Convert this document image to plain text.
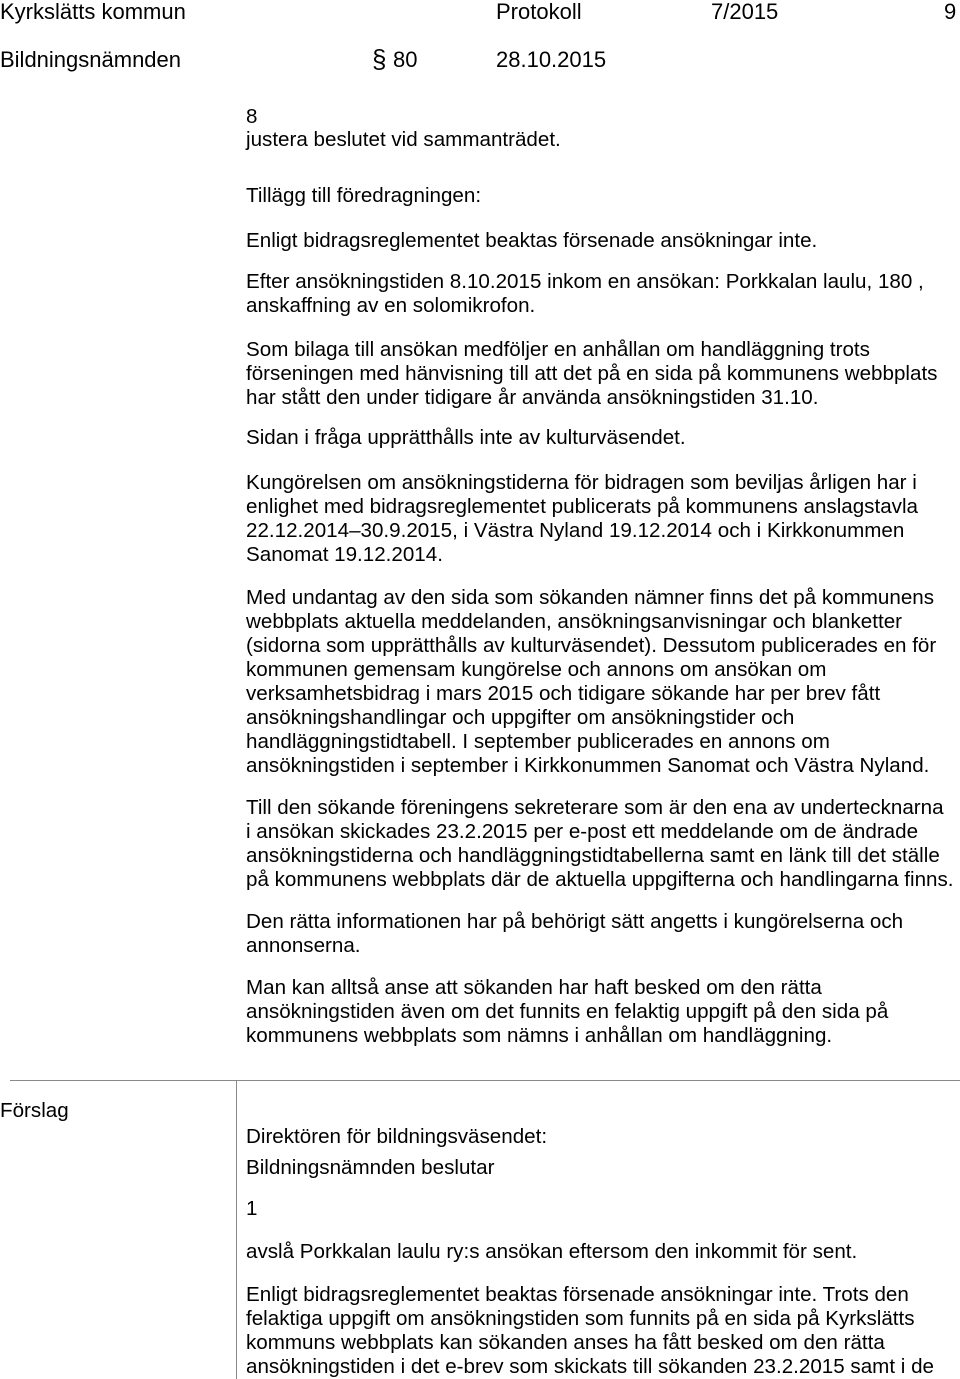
Kyrkslätts kommun	Protokoll	7/2015	9
Bildningsnämnden	§ 80	28.10.2015
8
justera beslutet vid sammanträdet.
Tillägg till föredragningen:
Enligt bidragsreglementet beaktas försenade ansökningar inte.
Efter ansökningstiden 8.10.2015 inkom en ansökan: Porkkalan laulu, 180 ,
anskaffning av en solomikrofon.
Som bilaga till ansökan medföljer en anhållan om handläggning trots
förseningen med hänvisning till att det på en sida på kommunens webbplats
har stått den under tidigare år använda ansökningstiden 31.10.
Sidan i fråga upprätthålls inte av kulturväsendet.
Kungörelsen om ansökningstiderna för bidragen som beviljas årligen har i
enlighet med bidragsreglementet publicerats på kommunens anslagstavla
22.12.2014–30.9.2015, i Västra Nyland 19.12.2014 och i Kirkkonummen
Sanomat 19.12.2014.
Med undantag av den sida som sökanden nämner finns det på kommunens
webbplats aktuella meddelanden, ansökningsanvisningar och blanketter
(sidorna som upprätthålls av kulturväsendet). Dessutom publicerades en för
kommunen gemensam kungörelse och annons om ansökan om
verksamhetsbidrag i mars 2015 och tidigare sökande har per brev fått
ansökningshandlingar och uppgifter om ansökningstider och
handläggningstidtabell. I september publicerades en annons om
ansökningstiden i september i Kirkkonummen Sanomat och Västra Nyland.
Till den sökande föreningens sekreterare som är den ena av undertecknarna
i ansökan skickades 23.2.2015 per e-post ett meddelande om de ändrade
ansökningstiderna och handläggningstidtabellerna samt en länk till det ställe
på kommunens webbplats där de aktuella uppgifterna och handlingarna finns.
Den rätta informationen har på behörigt sätt angetts i kungörelserna och
annonserna.
Man kan alltså anse att sökanden har haft besked om den rätta
ansökningstiden även om det funnits en felaktig uppgift på den sida på
kommunens webbplats som nämns i anhållan om handläggning.
Förslag
Direktören för bildningsväsendet:
Bildningsnämnden beslutar
1
avslå Porkkalan laulu ry:s ansökan eftersom den inkommit för sent.
Enligt bidragsreglementet beaktas försenade ansökningar inte. Trots den
felaktiga uppgift om ansökningstiden som funnits på en sida på Kyrkslätts
kommuns webbplats kan sökanden anses ha fått besked om den rätta
ansökningstiden i det e-brev som skickats till sökanden 23.2.2015 samt i de
